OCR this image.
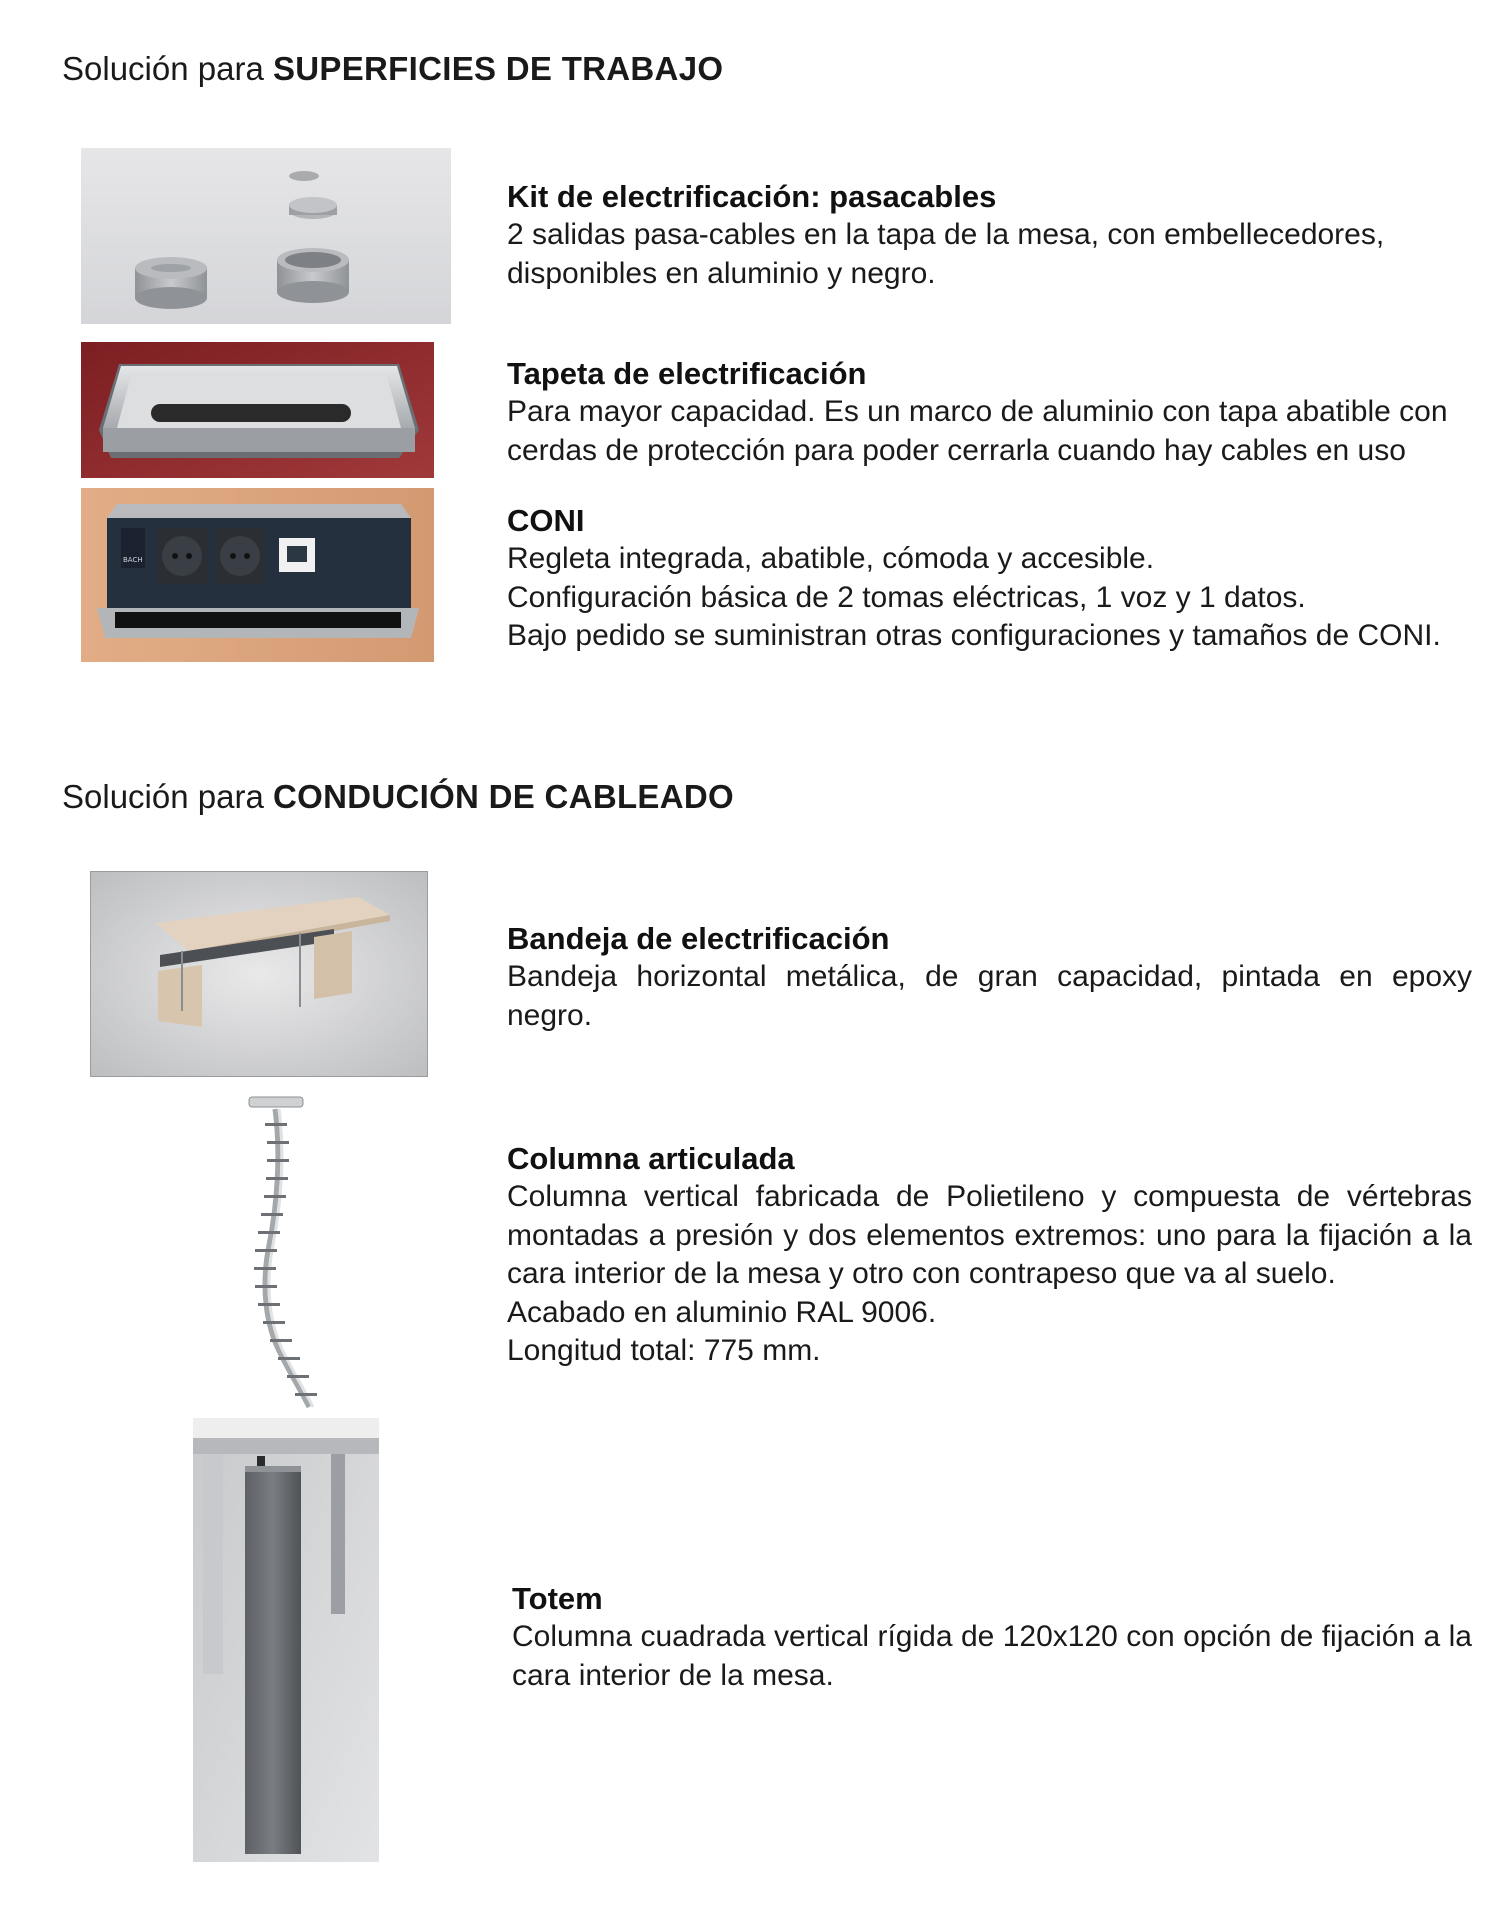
Solución para SUPERFICIES DE TRABAJO
Kit de electrificación: pasacables

2 salidas pasa-cables en la tapa de la mesa, con embellecedores,

disponibles en aluminio y negro.

Tapeta de electrificación

Para mayor capacidad. Es un marco de aluminio con tapa abatible con

cerdas de protección para poder cerrarla cuando hay cables en uso

BACH
CONI

Regleta integrada, abatible, cómoda y accesible.

Configuración básica de 2 tomas eléctricas, 1 voz y 1 datos.

Bajo pedido se suministran otras configuraciones y tamaños de CONI.

Solución para CONDUCIÓN DE CABLEADO
Bandeja de electrificación

Bandeja horizontal metálica, de gran capacidad, pintada en epoxy negro.

Columna articulada

Columna vertical fabricada de Polietileno y compuesta de vértebras montadas a presión y dos elementos extremos: uno para la fijación a la cara interior de la mesa y otro con contrapeso que va al suelo.

Acabado en aluminio RAL 9006.

Longitud total: 775 mm.

Totem

Columna cuadrada vertical rígida de 120x120 con opción de fijación a la cara interior de la mesa.
